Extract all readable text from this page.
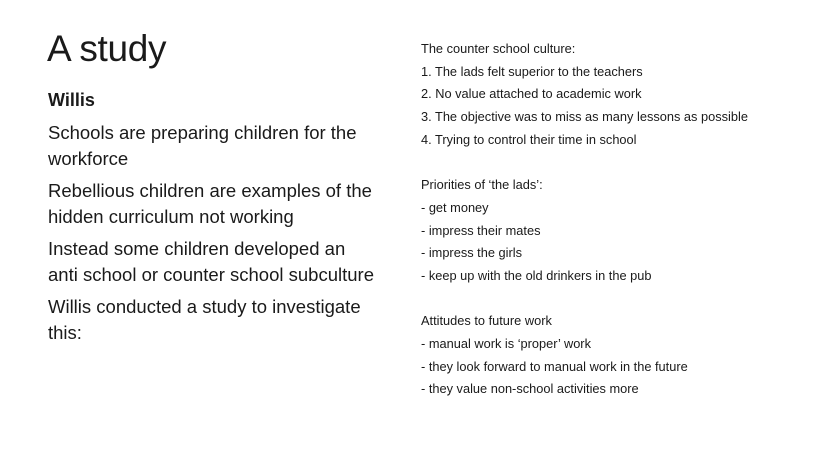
A study
Willis
Schools are preparing children for the workforce
Rebellious children are examples of the hidden curriculum not working
Instead some children developed an anti school or counter school subculture
Willis conducted a study to investigate this:
The counter school culture:
1. The lads felt superior to the teachers
2. No value attached to academic work
3. The objective was to miss as many lessons as possible
4. Trying to control their time in school
Priorities of ‘the lads’:
- get money
- impress their mates
- impress the girls
- keep up with the old drinkers in the pub
Attitudes to future work
- manual work is ‘proper’ work
- they look forward to manual work in the future
- they value non-school activities more
